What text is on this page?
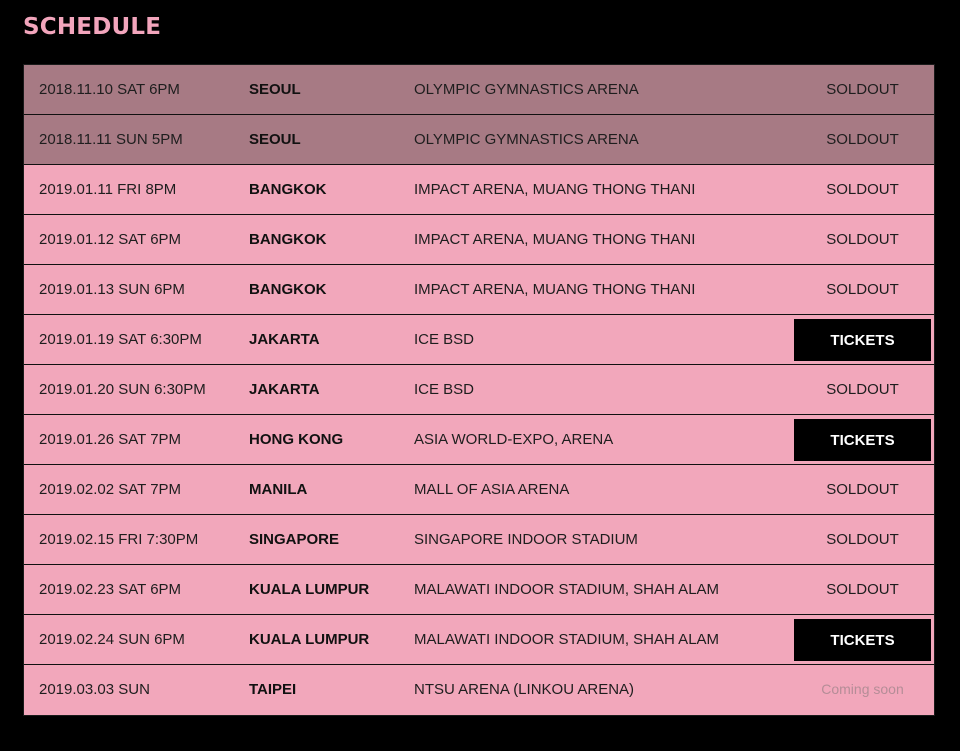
SCHEDULE
2018.11.10 SAT 6PM	SEOUL	OLYMPIC GYMNASTICS ARENA	SOLDOUT
2018.11.11 SUN 5PM	SEOUL	OLYMPIC GYMNASTICS ARENA	SOLDOUT
2019.01.11 FRI 8PM	BANGKOK	IMPACT ARENA, MUANG THONG THANI	SOLDOUT
2019.01.12 SAT 6PM	BANGKOK	IMPACT ARENA, MUANG THONG THANI	SOLDOUT
2019.01.13 SUN 6PM	BANGKOK	IMPACT ARENA, MUANG THONG THANI	SOLDOUT
2019.01.19 SAT 6:30PM	JAKARTA	ICE BSD	TICKETS
2019.01.20 SUN 6:30PM	JAKARTA	ICE BSD	SOLDOUT
2019.01.26 SAT 7PM	HONG KONG	ASIA WORLD-EXPO, ARENA	TICKETS
2019.02.02 SAT 7PM	MANILA	MALL OF ASIA ARENA	SOLDOUT
2019.02.15 FRI 7:30PM	SINGAPORE	SINGAPORE INDOOR STADIUM	SOLDOUT
2019.02.23 SAT 6PM	KUALA LUMPUR	MALAWATI INDOOR STADIUM, SHAH ALAM	SOLDOUT
2019.02.24 SUN 6PM	KUALA LUMPUR	MALAWATI INDOOR STADIUM, SHAH ALAM	TICKETS
2019.03.03 SUN	TAIPEI	NTSU ARENA (LINKOU ARENA)	Coming soon
